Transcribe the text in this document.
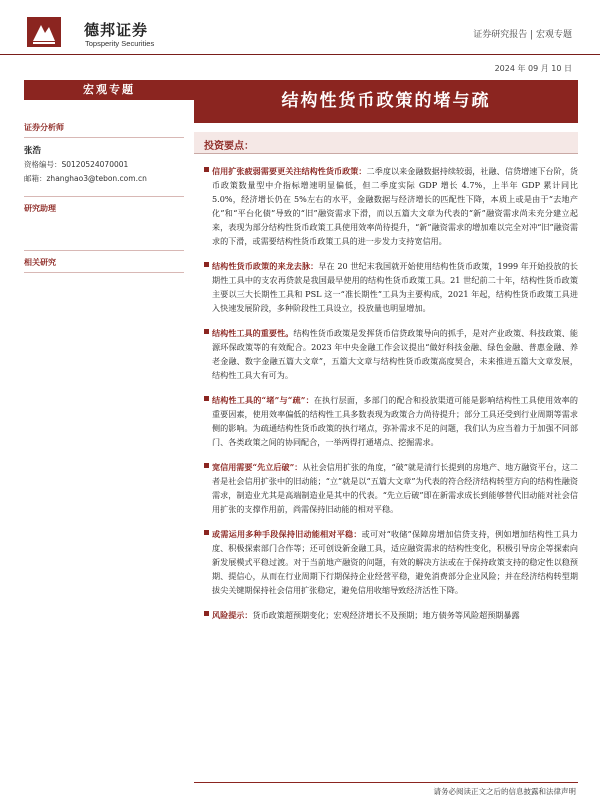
德邦证券
Topsperity Securities
证券研究报告 | 宏观专题
2024 年 09 月 10 日
宏观专题
结构性货币政策的堵与疏
证券分析师
张浩
资格编号：S0120524070001
邮箱：zhanghao3@tebon.com.cn
研究助理
相关研究
投资要点：
信用扩张疲弱需要更关注结构性货币政策：二季度以来金融数据持续较弱，社融、信贷增速下台阶，货币政策数量型中介指标增速明显偏低，但二季度实际 GDP 增长 4.7%，上半年 GDP 累计同比 5.0%，经济增长仍在 5%左右的水平，金融数据与经济增长的匹配性下降，本质上或是由于“去地产化”和“平台化债”导致的“旧”融资需求下滑，而以五篇大文章为代表的“新”融资需求尚未充分建立起来，表现为部分结构性货币政策工具使用效率尚待提升，“新”融资需求的增加难以完全对冲“旧”融资需求的下滑，或需要结构性货币政策工具的进一步发力支持宽信用。
结构性货币政策的来龙去脉：早在 20 世纪末我国就开始使用结构性货币政策，1999 年开始投放的长期性工具中的支农再贷款是我国最早使用的结构性货币政策工具。21 世纪前二十年，结构性货币政策主要以三大长期性工具和 PSL 这一“准长期性”工具为主要构成，2021 年起，结构性货币政策工具进入快速发展阶段，多种阶段性工具设立，投放量也明显增加。
结构性工具的重要性。结构性货币政策是发挥货币信贷政策导向的抓手，是对产业政策、科技政策、能源环保政策等的有效配合。2023 年中央金融工作会议提出“做好科技金融、绿色金融、普惠金融、养老金融、数字金融五篇大文章”，五篇大文章与结构性货币政策高度契合，未来推进五篇大文章发展，结构性工具大有可为。
结构性工具的“堵”与“疏”：在执行层面，多部门的配合和投放渠道可能是影响结构性工具使用效率的重要因素，使用效率偏低的结构性工具多数表现为政策合力尚待提升；部分工具还受到行业周期等需求侧的影响。为疏通结构性货币政策的执行堵点，弥补需求不足的问题，我们认为应当着力于加强不同部门、各类政策之间的协同配合，一举两得打通堵点、挖掘需求。
宽信用需要“先立后破”：从社会信用扩张的角度，“破”就是清行长提到的房地产、地方融资平台，这二者是社会信用扩张中的旧动能；“立”就是以“五篇大文章”为代表的符合经济结构转型方向的结构性融资需求，制造业尤其是高端制造业是其中的代表。“先立后破”即在新需求成长到能够替代旧动能对社会信用扩张的支撑作用前，尚需保持旧动能的相对平稳。
或需运用多种手段保持旧动能相对平稳：或可对“收储”保障房增加信贷支持，例如增加结构性工具力度、积极探索部门合作等；还可创设新金融工具，适应融资需求的结构性变化，积极引导房企等探索向新发展模式平稳过渡。对于当前地产融资的问题，有效的解决方法或在于保持政策支持的稳定性以稳预期、提信心，从而在行业周期下行期保持企业经营平稳，避免消费部分企业风险；并在经济结构转型期拔尖关键期保持社会信用扩张稳定，避免信用收缩导致经济活性下降。
风险提示：货币政策超预期变化；宏观经济增长不及预期；地方债务等风险超预期暴露
请务必阅读正文之后的信息披露和法律声明
